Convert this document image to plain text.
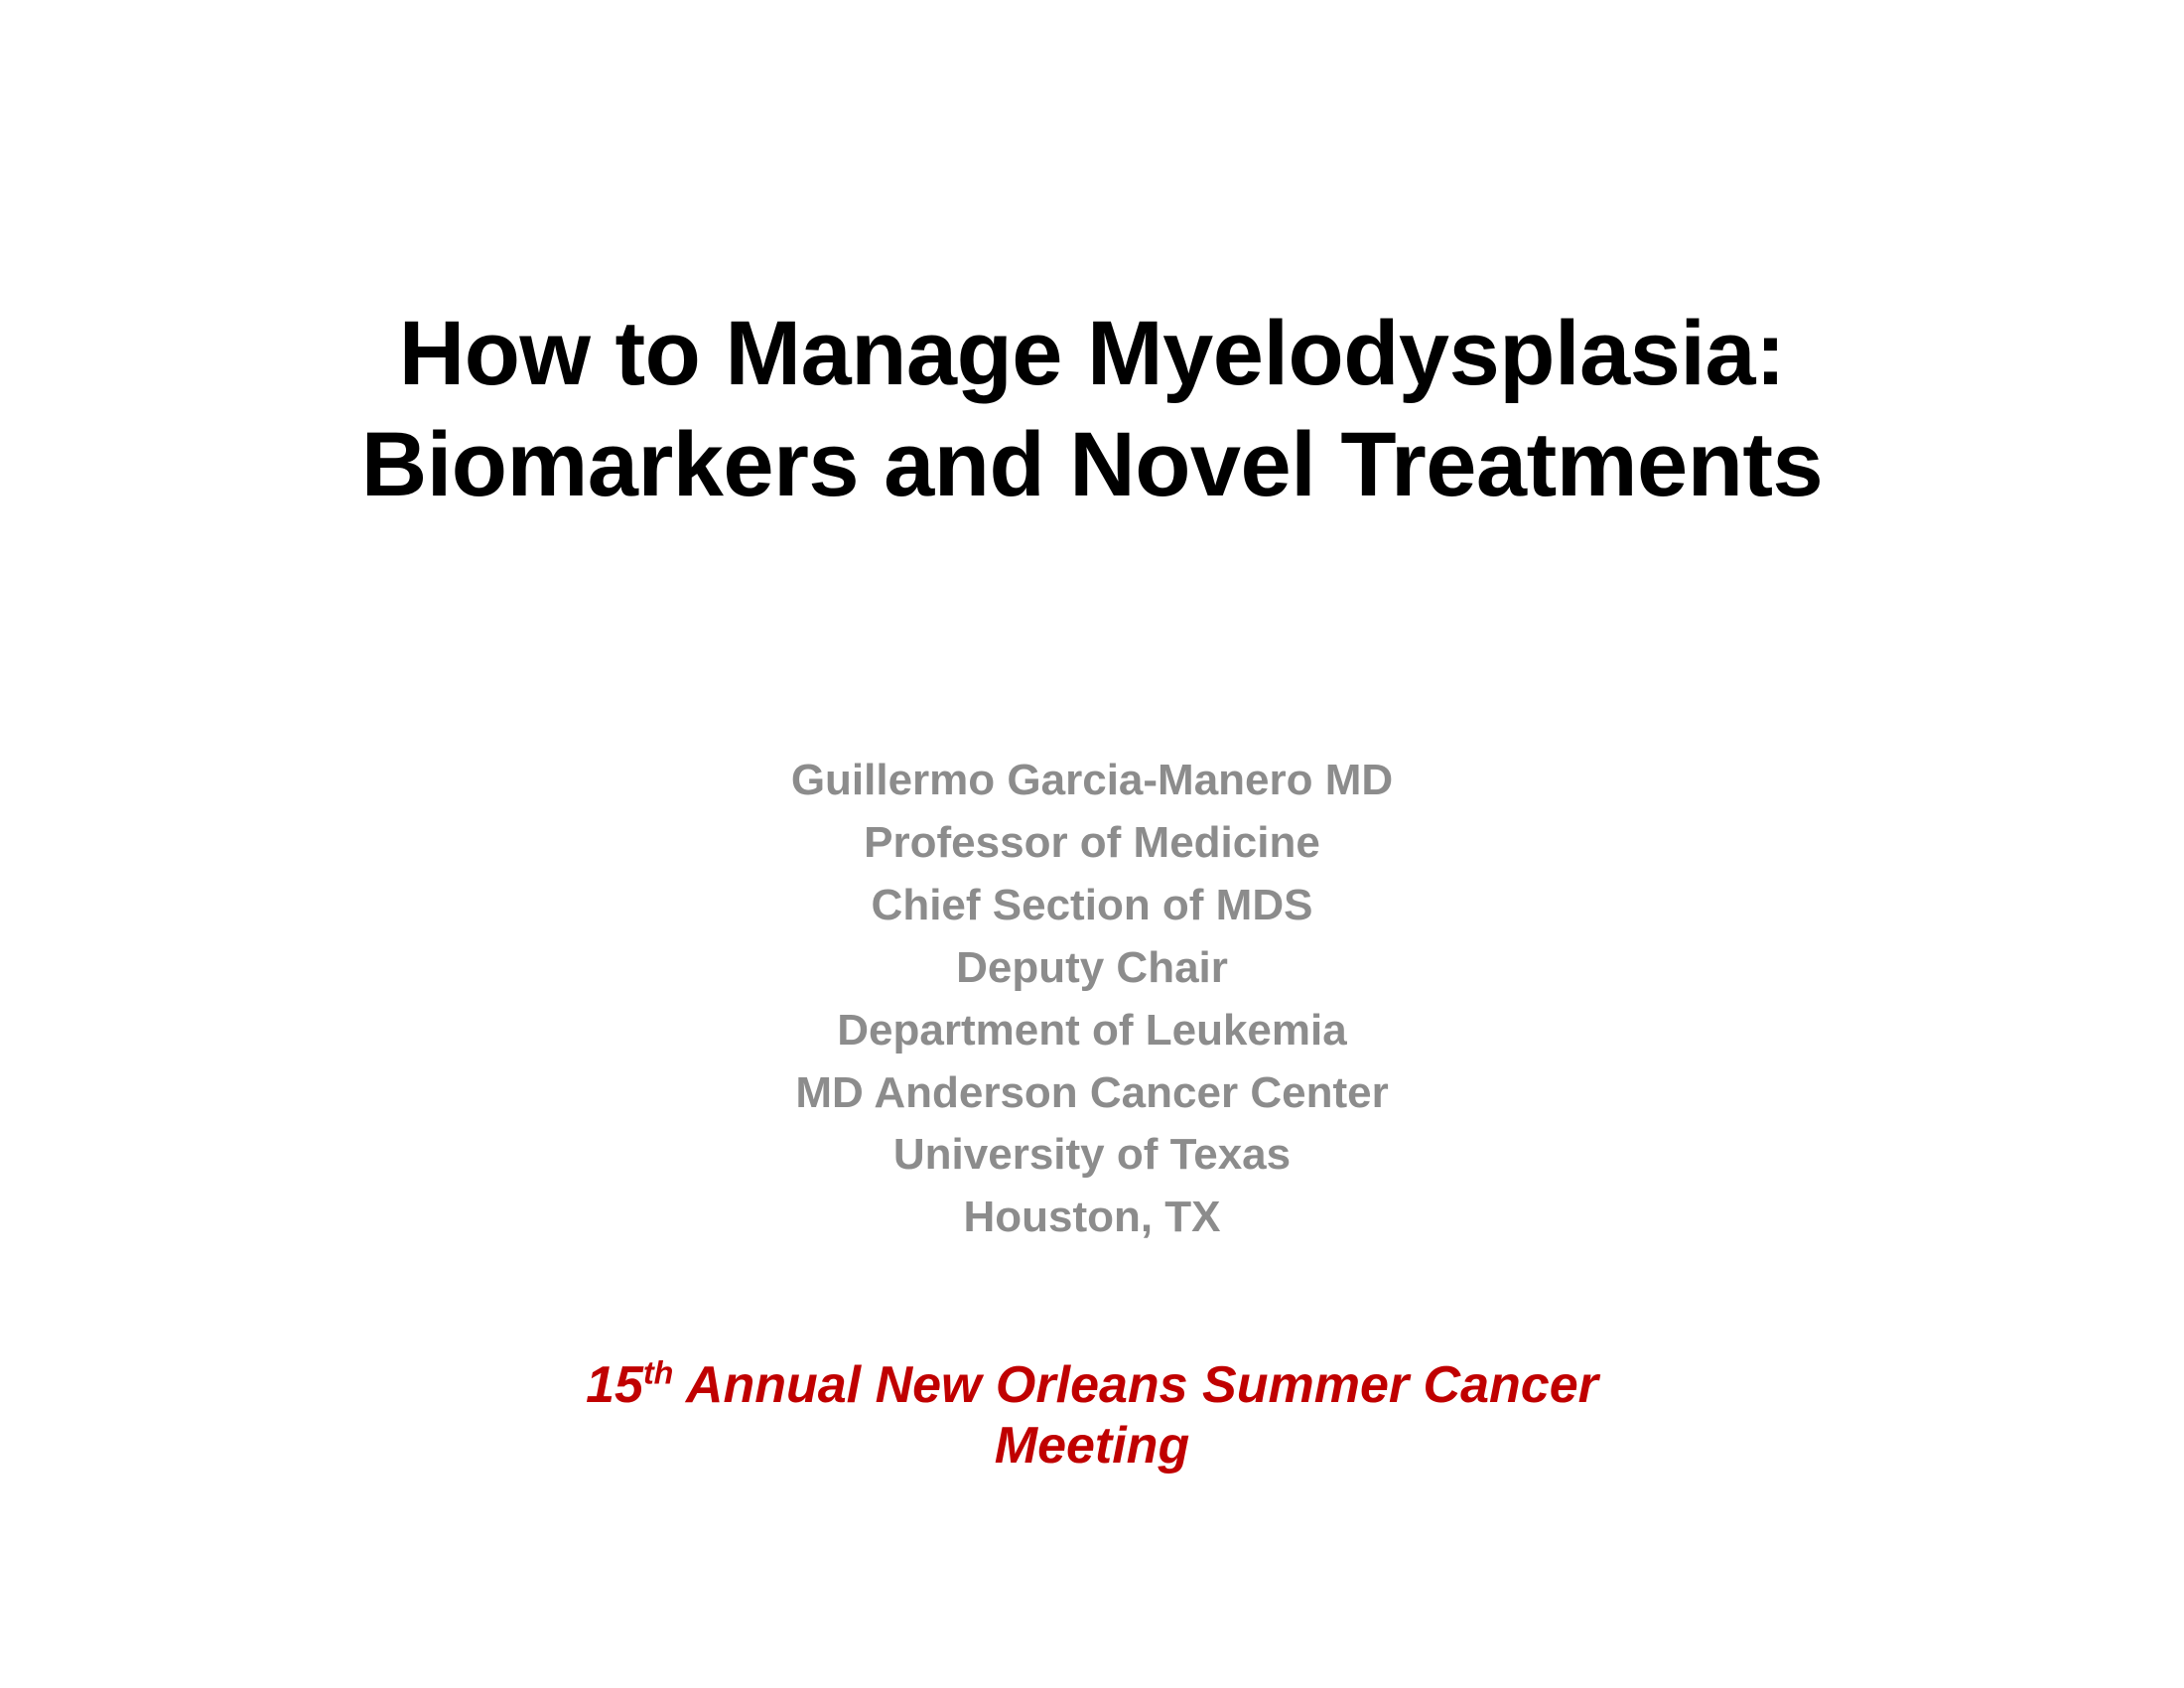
How to Manage Myelodysplasia:
Biomarkers and Novel Treatments
Guillermo Garcia-Manero MD
Professor of Medicine
Chief Section of MDS
Deputy Chair
Department of Leukemia
MD Anderson Cancer Center
University of Texas
Houston, TX
15th Annual New Orleans Summer Cancer
Meeting
